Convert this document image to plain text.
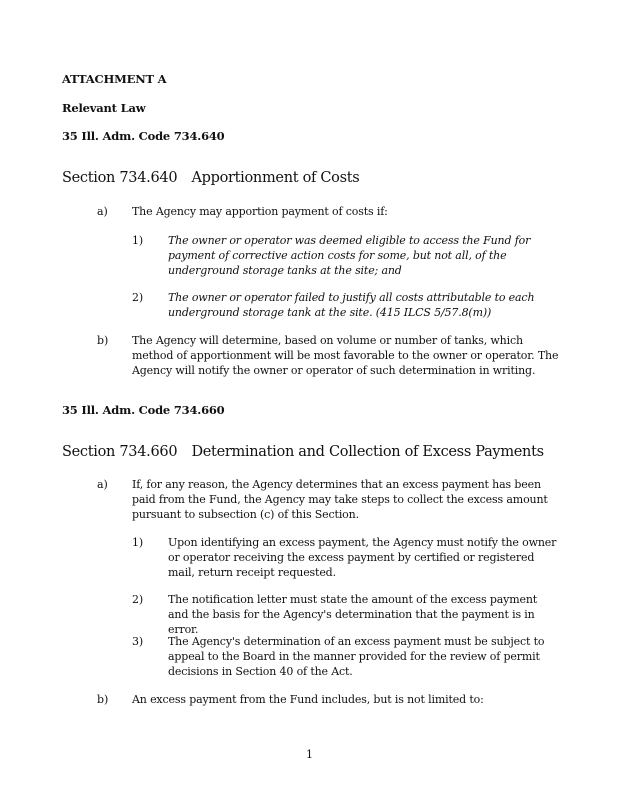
ATTACHMENT A
Relevant Law
35 Ill. Adm. Code 734.640
Section 734.640 Apportionment of Costs
a) The Agency may apportion payment of costs if:
1) The owner or operator was deemed eligible to access the Fund for payment of corrective action costs for some, but not all, of the underground storage tanks at the site; and
2) The owner or operator failed to justify all costs attributable to each underground storage tank at the site. (415 ILCS 5/57.8(m))
b) The Agency will determine, based on volume or number of tanks, which method of apportionment will be most favorable to the owner or operator. The Agency will notify the owner or operator of such determination in writing.
35 Ill. Adm. Code 734.660
Section 734.660 Determination and Collection of Excess Payments
a) If, for any reason, the Agency determines that an excess payment has been paid from the Fund, the Agency may take steps to collect the excess amount pursuant to subsection (c) of this Section.
1) Upon identifying an excess payment, the Agency must notify the owner or operator receiving the excess payment by certified or registered mail, return receipt requested.
2) The notification letter must state the amount of the excess payment and the basis for the Agency's determination that the payment is in error.
3) The Agency's determination of an excess payment must be subject to appeal to the Board in the manner provided for the review of permit decisions in Section 40 of the Act.
b) An excess payment from the Fund includes, but is not limited to:
1
